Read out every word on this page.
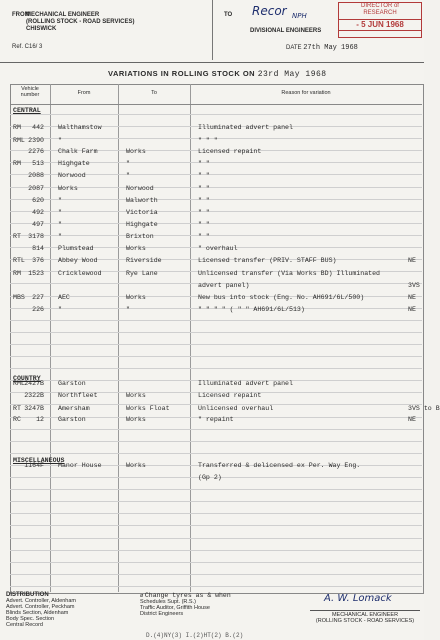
FROM
MECHANICAL ENGINEER
(ROLLING STOCK - ROAD SERVICES)
CHISWICK
Ref. C16/ 3
TO Recor NPH
DIVISIONAL ENGINEERS
DATE 27th May 1968
DIRECTOR of
RESEARCH
- 5 JUN 1968
VARIATIONS IN ROLLING STOCK ON 23rd May 1968
Vehicle
number	From	To	Reason for variation
CENTRAL
COUNTRY
MISCELLANEOUS
RM 442 Walthamstow	Illuminated advert panel
RML 2390 "	" " "
2276 Chalk Farm	Works	Licensed repaint
RM 513 Highgate	"	" "
2088 Norwood	"	" "
2087 Works	Norwood	" "
620 "	Walworth	" "
492 "	Victoria	" "
497 "	Highgate	" "
RT 3178 "	Brixton	" "
814 Plumstead	Works	" overhaul
RTL 376 Abbey Wood	Riverside	Licensed transfer (PRIV. STAFF BUS)	NE
RM 1523 Cricklewood	Rye Lane	Unlicensed transfer (Via Works BD) Illuminated
advert panel)	3VS
MBS 227 AEC	Works	New bus into stock (Eng. No. AH691/6L/500)	NE
226 "	"	" " " " ( " " AH691/6L/513)	NE
RML 2427B Garston	Illuminated advert panel
2322B Northfleet	Works	Licensed repaint
RT 3247B Amersham	Works Float	Unlicensed overhaul	3VS to B
RC 12 Garston	Works	" repaint	NE
1164F Manor House	Works	Transferred & delicensed ex Per. Way Eng.
(Gp 2)
DISTRIBUTION
Advert. Controller, Aldenham
Advert. Controller, Peckham
Blinds Section, Aldenham
Body Spec. Section
Central Record
ø Change tyres as & when
Schedules Supt. (R.S.)
Traffic Auditor, Griffith House
District Engineers
A. W. Lomack
MECHANICAL ENGINEER
(ROLLING STOCK - ROAD SERVICES)
D.(4)NY(3) I.(2)HT(2) B.(2)
